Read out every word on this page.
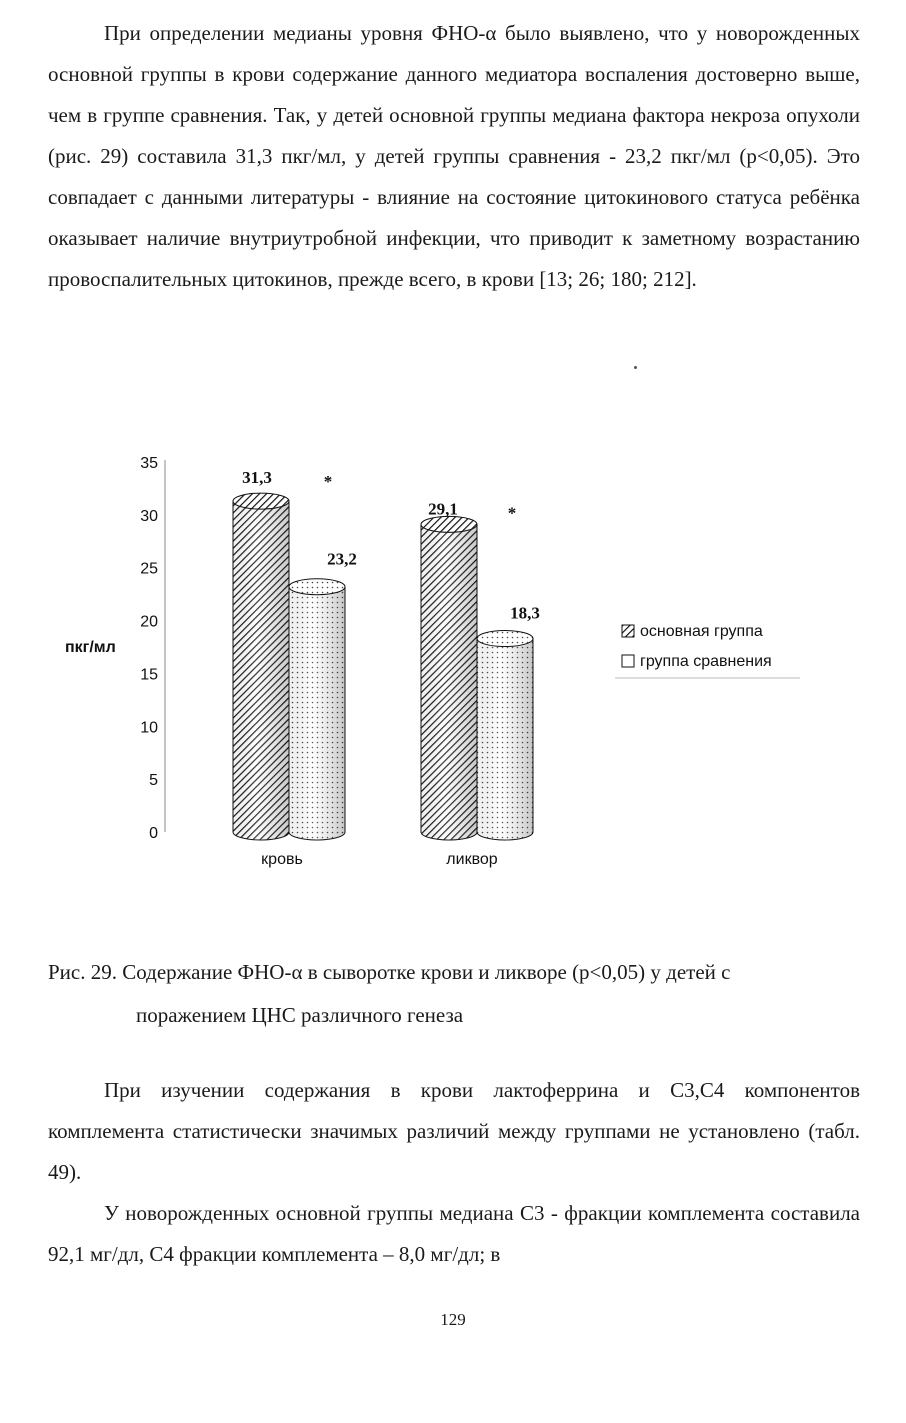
При определении медианы уровня ФНО-α было выявлено, что у новорожденных основной группы в крови содержание данного медиатора воспаления достоверно выше, чем в группе сравнения. Так, у детей основной группы медиана фактора некроза опухоли (рис. 29) составила 31,3 пкг/мл, у детей группы сравнения - 23,2 пкг/мл (р<0,05). Это совпадает с данными литературы - влияние на состояние цитокинового статуса ребёнка оказывает наличие внутриутробной инфекции, что приводит к заметному возрастанию провоспалительных цитокинов, прежде всего, в крови [13; 26; 180; 212].

0
5
10
15
20
25
30
35
пкг/мл
31,3
23,2
29,1
18,3
*
*
кровь	ликвор
основная группа
группа сравнения
Рис. 29. Содержание ФНО-α в сыворотке крови и ликворе (р<0,05) у детей с
поражением ЦНС различного генеза

При изучении содержания в крови лактоферрина и С3,С4 компонентов комплемента статистически значимых различий между группами не установлено (табл. 49).

У новорожденных основной группы медиана С3 - фракции комплемента составила 92,1 мг/дл, С4 фракции комплемента – 8,0 мг/дл; в

129
